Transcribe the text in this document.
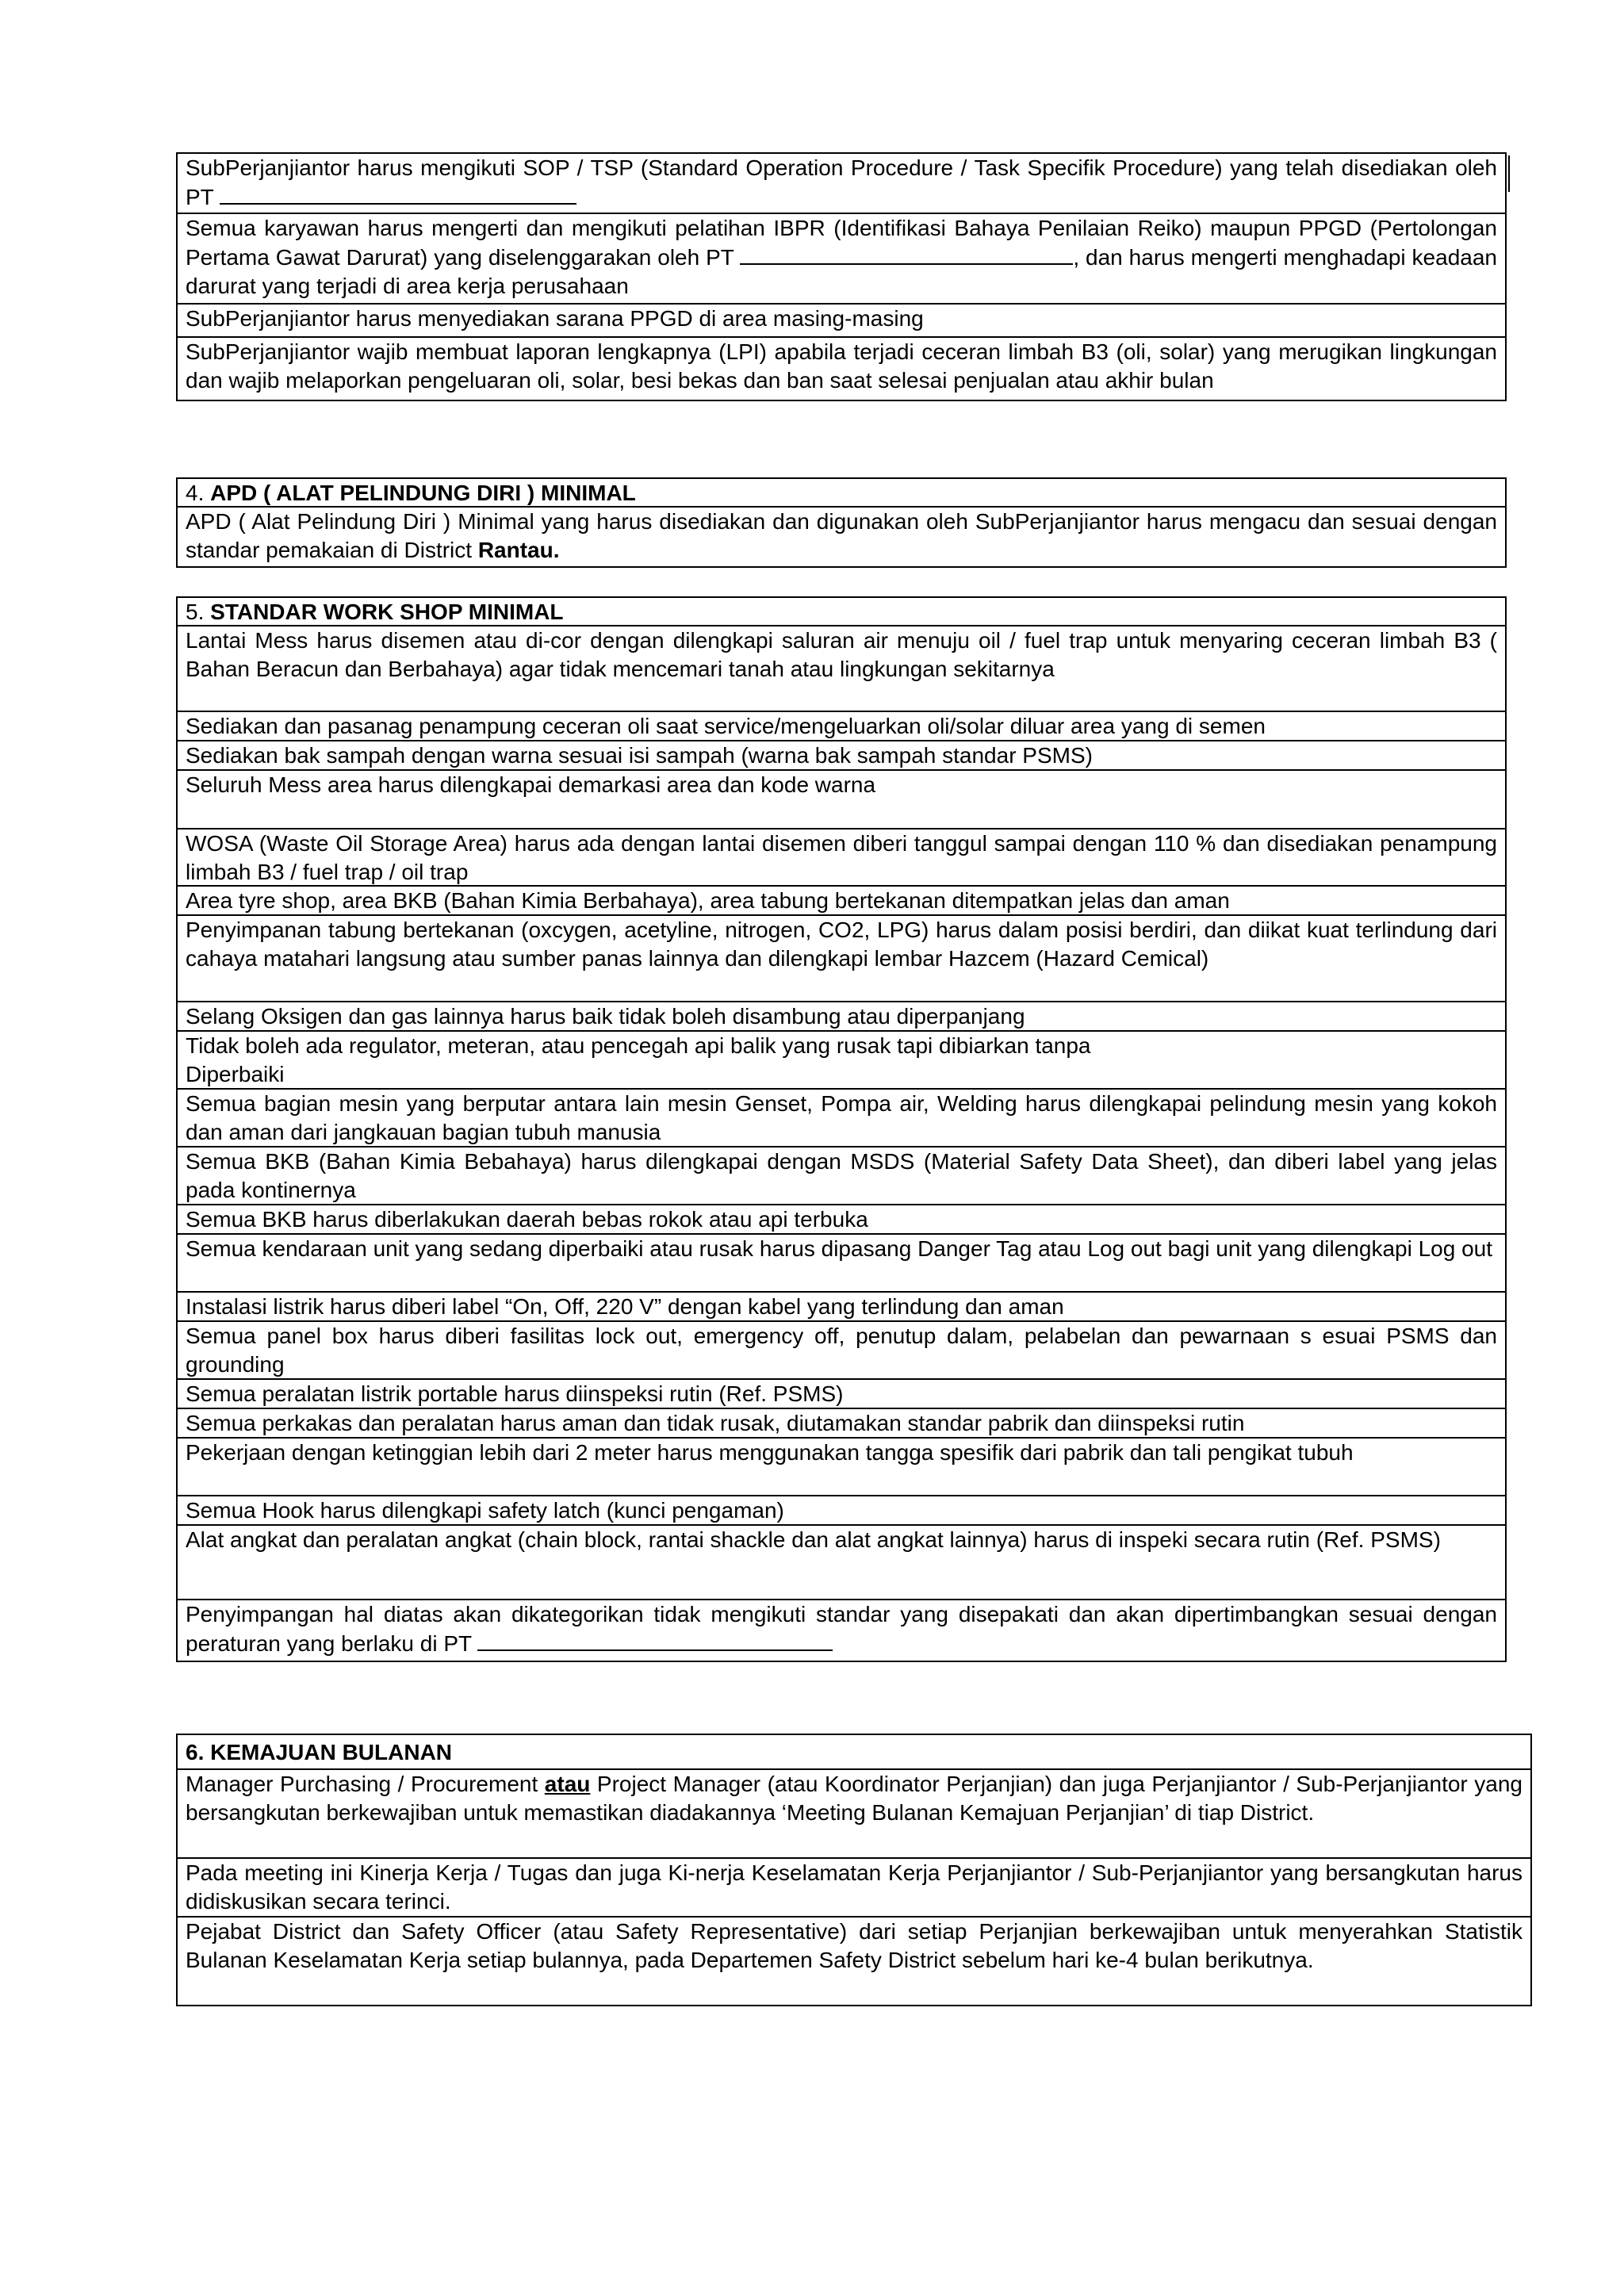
SubPerjanjiantor harus mengikuti SOP / TSP (Standard Operation Procedure / Task Specifik Procedure) yang telah disediakan oleh PT
Semua karyawan harus mengerti dan mengikuti pelatihan IBPR (Identifikasi Bahaya Penilaian Reiko) maupun PPGD (Pertolongan Pertama Gawat Darurat) yang diselenggarakan oleh PT	, dan harus mengerti menghadapi keadaan darurat yang terjadi di area kerja perusahaan
SubPerjanjiantor harus menyediakan sarana PPGD di area masing-masing
SubPerjanjiantor wajib membuat laporan lengkapnya (LPI) apabila terjadi ceceran limbah B3 (oli, solar) yang merugikan lingkungan dan wajib melaporkan pengeluaran oli, solar, besi bekas dan ban saat selesai penjualan atau akhir bulan
4. APD ( ALAT PELINDUNG DIRI ) MINIMAL
APD ( Alat Pelindung Diri ) Minimal yang harus disediakan dan digunakan oleh SubPerjanjiantor harus mengacu dan sesuai dengan standar pemakaian di District Rantau.
5. STANDAR WORK SHOP MINIMAL
Lantai Mess harus disemen atau di-cor dengan dilengkapi saluran air menuju oil / fuel trap untuk menyaring ceceran limbah B3 ( Bahan Beracun dan Berbahaya) agar tidak mencemari tanah atau lingkungan sekitarnya
Sediakan dan pasanag penampung ceceran oli saat service/mengeluarkan oli/solar diluar area yang di semen
Sediakan bak sampah dengan warna sesuai isi sampah (warna bak sampah standar PSMS)
Seluruh Mess area harus dilengkapai demarkasi area dan kode warna
WOSA (Waste Oil Storage Area) harus ada dengan lantai disemen diberi tanggul sampai dengan 110 % dan disediakan penampung limbah B3 / fuel trap / oil trap
Area tyre shop, area BKB (Bahan Kimia Berbahaya), area tabung bertekanan ditempatkan jelas dan aman
Penyimpanan tabung bertekanan (oxcygen, acetyline, nitrogen, CO2, LPG) harus dalam posisi berdiri, dan diikat kuat terlindung dari cahaya matahari langsung atau sumber panas lainnya dan dilengkapi lembar Hazcem (Hazard Cemical)
Selang Oksigen dan gas lainnya harus baik tidak boleh disambung atau diperpanjang
Tidak boleh ada regulator, meteran, atau pencegah api balik yang rusak tapi dibiarkan tanpa Diperbaiki
Semua bagian mesin yang berputar antara lain mesin Genset, Pompa air, Welding harus dilengkapai pelindung mesin yang kokoh dan aman dari jangkauan bagian tubuh manusia
Semua BKB (Bahan Kimia Bebahaya) harus dilengkapai dengan MSDS (Material Safety Data Sheet), dan diberi label yang jelas pada kontinernya
Semua BKB harus diberlakukan daerah bebas rokok atau api terbuka
Semua kendaraan unit yang sedang diperbaiki atau rusak harus dipasang Danger Tag atau Log out bagi unit yang dilengkapi Log out
Instalasi listrik harus diberi label “On, Off, 220 V” dengan kabel yang terlindung dan aman
Semua panel box harus diberi fasilitas lock out, emergency off, penutup dalam, pelabelan dan pewarnaan s esuai PSMS dan grounding
Semua peralatan listrik portable harus diinspeksi rutin (Ref. PSMS)
Semua perkakas dan peralatan harus aman dan tidak rusak, diutamakan standar pabrik dan diinspeksi rutin
Pekerjaan dengan ketinggian lebih dari 2 meter harus menggunakan tangga spesifik dari pabrik dan tali pengikat tubuh
Semua Hook harus dilengkapi safety latch (kunci pengaman)
Alat angkat dan peralatan angkat (chain block, rantai shackle dan alat angkat lainnya) harus di inspeki secara rutin (Ref. PSMS)
Penyimpangan hal diatas akan dikategorikan tidak mengikuti standar yang disepakati dan akan dipertimbangkan sesuai dengan peraturan yang berlaku di PT
6. KEMAJUAN BULANAN
Manager Purchasing / Procurement atau Project Manager (atau Koordinator Perjanjian) dan juga Perjanjiantor / Sub-Perjanjiantor yang bersangkutan berkewajiban untuk memastikan diadakannya ‘Meeting Bulanan Kemajuan Perjanjian’ di tiap District.
Pada meeting ini Kinerja Kerja / Tugas dan juga Ki-nerja Keselamatan Kerja Perjanjiantor / Sub-Perjanjiantor yang bersangkutan harus didiskusikan secara terinci.
Pejabat District dan Safety Officer (atau Safety Representative) dari setiap Perjanjian berkewajiban untuk menyerahkan Statistik Bulanan Keselamatan Kerja setiap bulannya, pada Departemen Safety District sebelum hari ke-4 bulan berikutnya.
